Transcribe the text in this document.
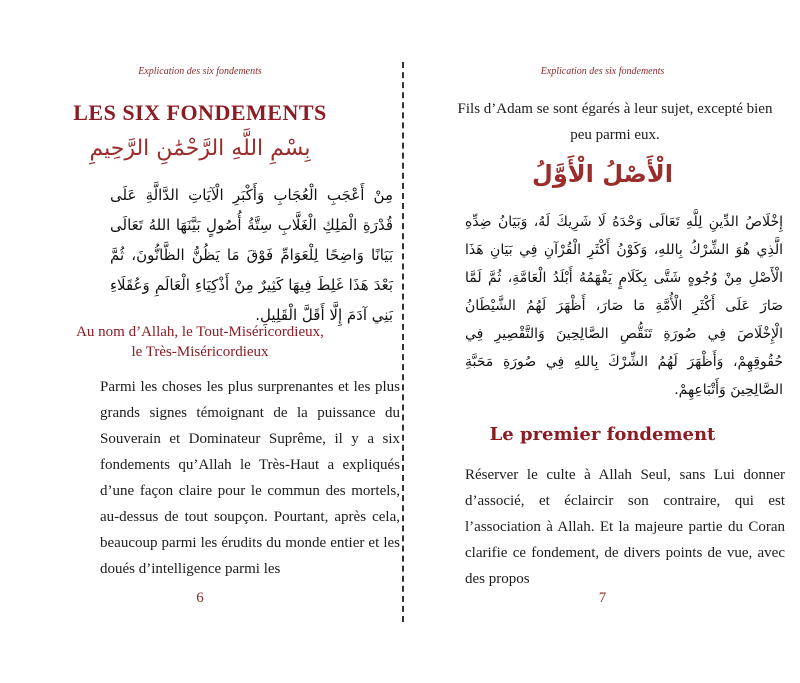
Explication des six fondements
LES SIX FONDEMENTS
بِسْمِ اللَّهِ الرَّحْمَٰنِ الرَّحِيمِ
مِنْ أَعْجَبِ الْعُجَابِ وَأَكْبَرِ الْآيَاتِ الدَّالَّةِ عَلَى قُدْرَةِ الْمَلِكِ الْغَلَّابِ سِتَّةُ أُصُولٍ بَيَّنَهَا اللهُ تَعَالَى بَيَانًا وَاضِحًا لِلْعَوَامِّ فَوْقَ مَا يَظُنُّ الظَّانُّونَ، ثُمَّ بَعْدَ هَذَا غَلِطَ فِيهَا كَثِيرٌ مِنْ أَذْكِيَاءِ الْعَالَمِ وَعُقَلَاءِ بَنِي آدَمَ إِلَّا أَقَلَّ الْقَلِيلِ.
Au nom d’Allah, le Tout-Miséricordieux,
le Très-Miséricordieux

Parmi les choses les plus surprenantes et les plus grands signes témoignant de la puissance du Souverain et Dominateur Suprême, il y a six fondements qu’Allah le Très-Haut a expliqués d’une façon claire pour le commun des mortels, au-dessus de tout soupçon. Pourtant, après cela, beaucoup parmi les érudits du monde entier et les doués d’intelligence parmi les

6
Explication des six fondements

Fils d’Adam se sont égarés à leur sujet, excepté bien peu parmi eux.

الْأَصْلُ الْأَوَّلُ
إِخْلَاصُ الدِّينِ لِلَّهِ تَعَالَى وَحْدَهُ لَا شَرِيكَ لَهُ، وَبَيَانُ ضِدِّهِ الَّذِي هُوَ الشِّرْكُ بِاللهِ، وَكَوْنُ أَكْثَرِ الْقُرْآنِ فِي بَيَانِ هَذَا الْأَصْلِ مِنْ وُجُوهٍ شَتَّى بِكَلَامٍ يَفْهَمُهُ أَبْلَدُ الْعَامَّةِ، ثُمَّ لَمَّا صَارَ عَلَى أَكْثَرِ الْأُمَّةِ مَا صَارَ، أَظْهَرَ لَهُمُ الشَّيْطَانُ الْإِخْلَاصَ فِي صُورَةِ تَنَقُّصِ الصَّالِحِينَ وَالتَّقْصِيرِ فِي حُقُوقِهِمْ، وَأَظْهَرَ لَهُمُ الشِّرْكَ بِاللهِ فِي صُورَةِ مَحَبَّةِ الصَّالِحِينَ وَأَتْبَاعِهِمْ.
Le premier fondement

Réserver le culte à Allah Seul, sans Lui donner d’associé, et éclaircir son contraire, qui est l’association à Allah. Et la majeure partie du Coran clarifie ce fondement, de divers points de vue, avec des propos

7
